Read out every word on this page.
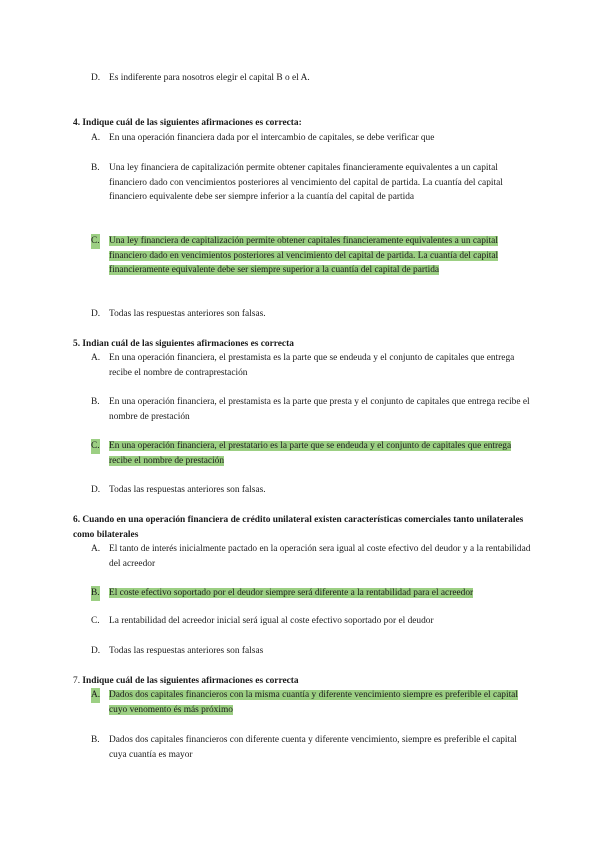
D. Es indiferente para nosotros elegir el capital B o el A.
4. Indique cuál de las siguientes afirmaciones es correcta:
A. En una operación financiera dada por el intercambio de capitales, se debe verificar que
B. Una ley financiera de capitalización permite obtener capitales financieramente equivalentes a un capital financiero dado con vencimientos posteriores al vencimiento del capital de partida. La cuantía del capital financiero equivalente debe ser siempre inferior a la cuantía del capital de partida
C. Una ley financiera de capitalización permite obtener capitales financieramente equivalentes a un capital financiero dado en vencimientos posteriores al vencimiento del capital de partida. La cuantía del capital financieramente equivalente debe ser siempre superior a la cuantía del capital de partida
D. Todas las respuestas anteriores son falsas.
5. Indian cuál de las siguientes afirmaciones es correcta
A. En una operación financiera, el prestamista es la parte que se endeuda y el conjunto de capitales que entrega recibe el nombre de contraprestación
B. En una operación financiera, el prestamista es la parte que presta y el conjunto de capitales que entrega recibe el nombre de prestación
C. En una operación financiera, el prestatario es la parte que se endeuda y el conjunto de capitales que entrega recibe el nombre de prestación
D. Todas las respuestas anteriores son falsas.
6. Cuando en una operación financiera de crédito unilateral existen características comerciales tanto unilaterales como bilaterales
A. El tanto de interés inicialmente pactado en la operación sera igual al coste efectivo del deudor y a la rentabilidad del acreedor
B. El coste efectivo soportado por el deudor siempre será diferente a la rentabilidad para el acreedor
C. La rentabilidad del acreedor inicial será igual al coste efectivo soportado por el deudor
D. Todas las respuestas anteriores son falsas
7. Indique cuál de las siguientes afirmaciones es correcta
A. Dados dos capitales financieros con la misma cuantía y diferente vencimiento siempre es preferible el capital cuyo venomento és más próximo
B. Dados dos capitales financieros con diferente cuenta y diferente vencimiento, siempre es preferible el capital cuya cuantía es mayor
